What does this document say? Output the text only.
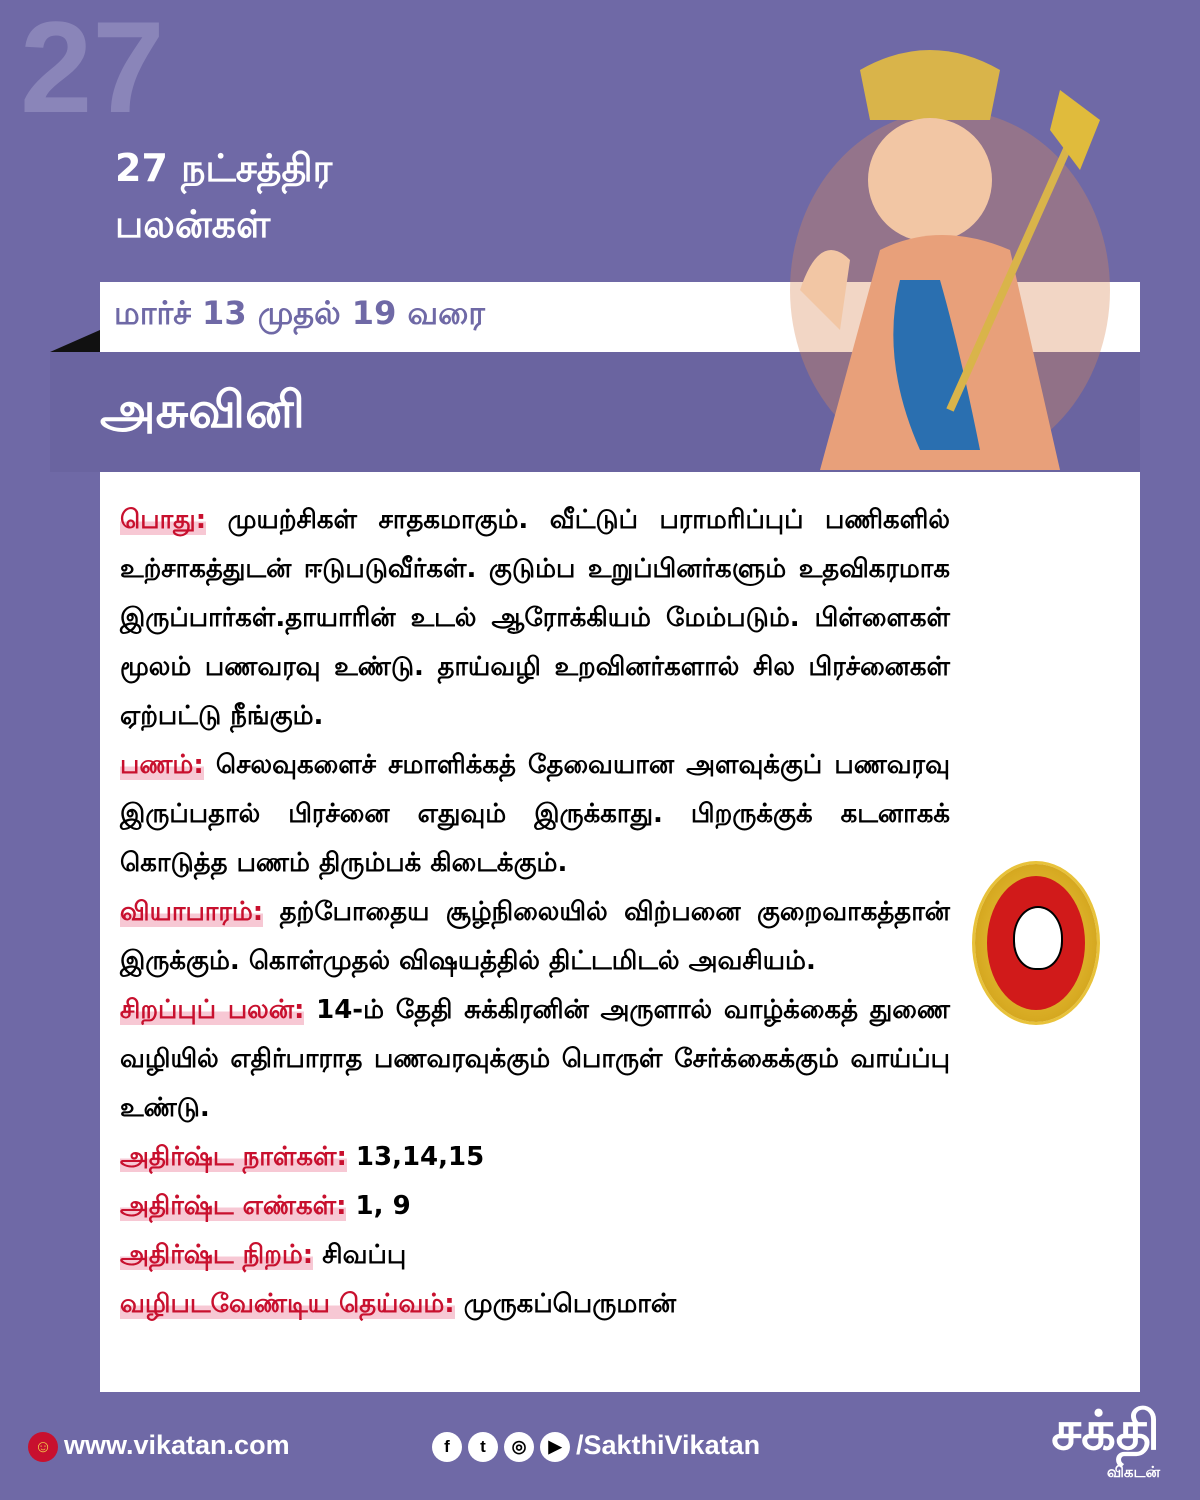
27
27 நட்சத்திர
பலன்கள்
மார்ச் 13 முதல் 19 வரை
அசுவினி

பொது: முயற்சிகள் சாதகமாகும். வீட்டுப் பராமரிப்புப் பணிகளில் உற்சாகத்துடன் ஈடுபடுவீர்கள். குடும்ப உறுப்பினர்களும் உதவிகரமாக இருப்பார்கள்.தாயாரின் உடல் ஆரோக்கியம் மேம்படும். பிள்ளைகள் மூலம் பணவரவு உண்டு. தாய்வழி உறவினர்களால் சில பிரச்னைகள் ஏற்பட்டு நீங்கும்.

பணம்: செலவுகளைச் சமாளிக்கத் தேவையான அளவுக்குப் பணவரவு இருப்பதால் பிரச்னை எதுவும் இருக்காது. பிறருக்குக் கடனாகக் கொடுத்த பணம் திரும்பக் கிடைக்கும்.

வியாபாரம்: தற்போதைய சூழ்நிலையில் விற்பனை குறைவாகத்தான் இருக்கும். கொள்முதல் விஷயத்தில் திட்டமிடல் அவசியம்.

சிறப்புப் பலன்: 14-ம் தேதி சுக்கிரனின் அருளால் வாழ்க்கைத் துணை வழியில் எதிர்பாராத பணவரவுக்கும் பொருள் சேர்க்கைக்கும் வாய்ப்பு உண்டு.

அதிர்ஷ்ட நாள்கள்: 13,14,15

அதிர்ஷ்ட எண்கள்: 1, 9

அதிர்ஷ்ட நிறம்: சிவப்பு

வழிபடவேண்டிய தெய்வம்: முருகப்பெருமான்

☺ www.vikatan.com	f t ◎ ▶ /SakthiVikatan	சக்தி
விகடன்
